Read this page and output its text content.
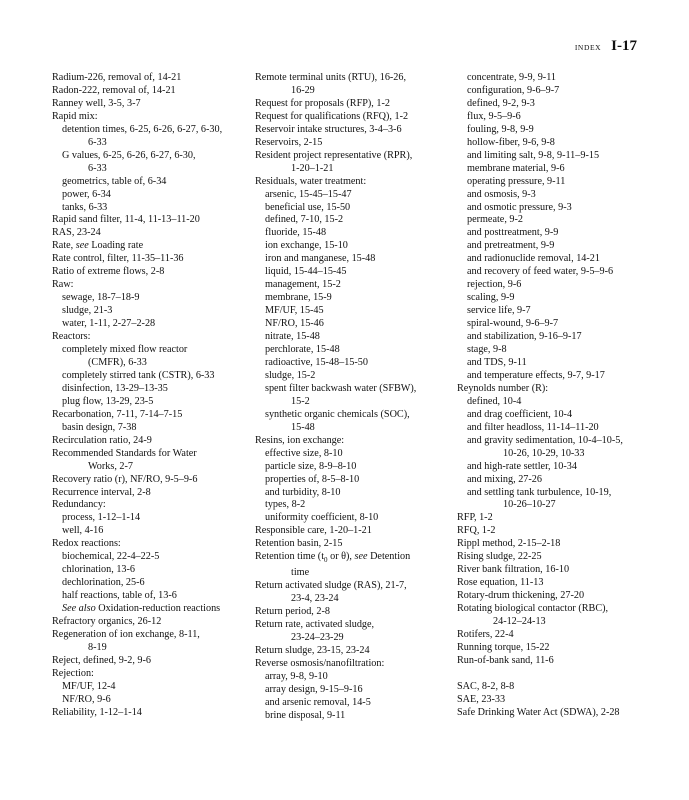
INDEX I-17
Radium-226, removal of, 14-21
Radon-222, removal of, 14-21
Ranney well, 3-5, 3-7
Rapid mix:
detention times, 6-25, 6-26, 6-27, 6-30,
6-33
G values, 6-25, 6-26, 6-27, 6-30,
6-33
geometrics, table of, 6-34
power, 6-34
tanks, 6-33
Rapid sand filter, 11-4, 11-13–11-20
RAS, 23-24
Rate, see Loading rate
Rate control, filter, 11-35–11-36
Ratio of extreme flows, 2-8
Raw:
sewage, 18-7–18-9
sludge, 21-3
water, 1-11, 2-27–2-28
Reactors:
completely mixed flow reactor
(CMFR), 6-33
completely stirred tank (CSTR), 6-33
disinfection, 13-29–13-35
plug flow, 13-29, 23-5
Recarbonation, 7-11, 7-14–7-15
basin design, 7-38
Recirculation ratio, 24-9
Recommended Standards for Water
Works, 2-7
Recovery ratio (r), NF/RO, 9-5–9-6
Recurrence interval, 2-8
Redundancy:
process, 1-12–1-14
well, 4-16
Redox reactions:
biochemical, 22-4–22-5
chlorination, 13-6
dechlorination, 25-6
half reactions, table of, 13-6
See also Oxidation-reduction reactions
Refractory organics, 26-12
Regeneration of ion exchange, 8-11,
8-19
Reject, defined, 9-2, 9-6
Rejection:
MF/UF, 12-4
NF/RO, 9-6
Reliability, 1-12–1-14
Remote terminal units (RTU), 16-26,
16-29
Request for proposals (RFP), 1-2
Request for qualifications (RFQ), 1-2
Reservoir intake structures, 3-4–3-6
Reservoirs, 2-15
Resident project representative (RPR),
1-20–1-21
Residuals, water treatment:
arsenic, 15-45–15-47
beneficial use, 15-50
defined, 7-10, 15-2
fluoride, 15-48
ion exchange, 15-10
iron and manganese, 15-48
liquid, 15-44–15-45
management, 15-2
membrane, 15-9
MF/UF, 15-45
NF/RO, 15-46
nitrate, 15-48
perchlorate, 15-48
radioactive, 15-48–15-50
sludge, 15-2
spent filter backwash water (SFBW),
15-2
synthetic organic chemicals (SOC),
15-48
Resins, ion exchange:
effective size, 8-10
particle size, 8-9–8-10
properties of, 8-5–8-10
and turbidity, 8-10
types, 8-2
uniformity coefficient, 8-10
Responsible care, 1-20–1-21
Retention basin, 2-15
Retention time ($t_0$ or θ), see Detention
time
Return activated sludge (RAS), 21-7,
23-4, 23-24
Return period, 2-8
Return rate, activated sludge,
23-24–23-29
Return sludge, 23-15, 23-24
Reverse osmosis/nanofiltration:
array, 9-8, 9-10
array design, 9-15–9-16
and arsenic removal, 14-5
brine disposal, 9-11
concentrate, 9-9, 9-11
configuration, 9-6–9-7
defined, 9-2, 9-3
flux, 9-5–9-6
fouling, 9-8, 9-9
hollow-fiber, 9-6, 9-8
and limiting salt, 9-8, 9-11–9-15
membrane material, 9-6
operating pressure, 9-11
and osmosis, 9-3
and osmotic pressure, 9-3
permeate, 9-2
and posttreatment, 9-9
and pretreatment, 9-9
and radionuclide removal, 14-21
and recovery of feed water, 9-5–9-6
rejection, 9-6
scaling, 9-9
service life, 9-7
spiral-wound, 9-6–9-7
and stabilization, 9-16–9-17
stage, 9-8
and TDS, 9-11
and temperature effects, 9-7, 9-17
Reynolds number (R):
defined, 10-4
and drag coefficient, 10-4
and filter headloss, 11-14–11-20
and gravity sedimentation, 10-4–10-5,
10-26, 10-29, 10-33
and high-rate settler, 10-34
and mixing, 27-26
and settling tank turbulence, 10-19,
10-26–10-27
RFP, 1-2
RFQ, 1-2
Rippl method, 2-15–2-18
Rising sludge, 22-25
River bank filtration, 16-10
Rose equation, 11-13
Rotary-drum thickening, 27-20
Rotating biological contactor (RBC),
24-12–24-13
Rotifers, 22-4
Running torque, 15-22
Run-of-bank sand, 11-6
SAC, 8-2, 8-8
SAE, 23-33
Safe Drinking Water Act (SDWA), 2-28
